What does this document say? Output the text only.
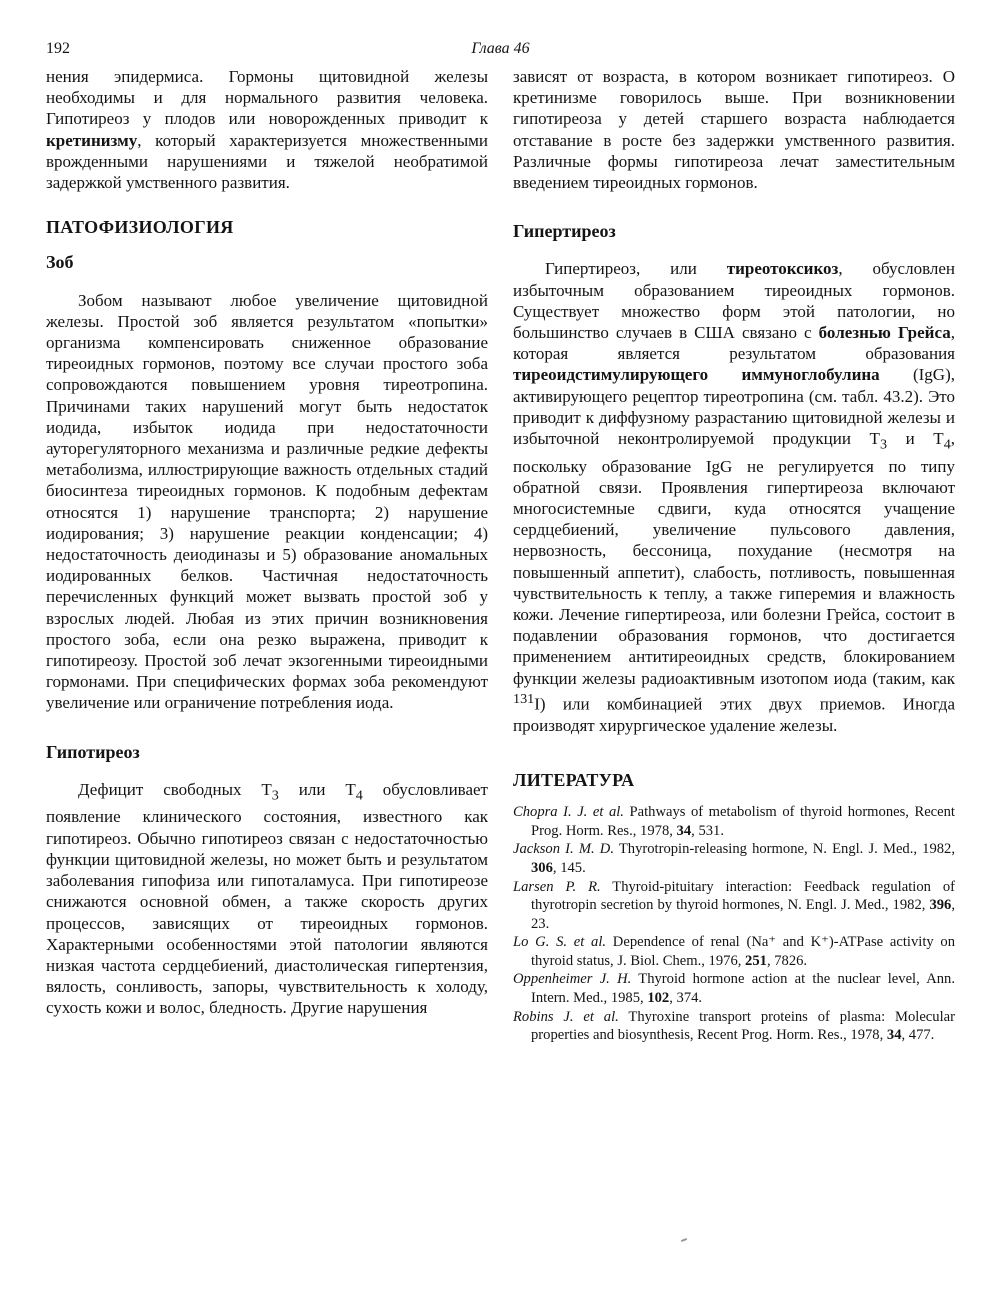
192	Глава 46

нения эпидермиса. Гормоны щитовидной железы необходимы и для нормального развития человека. Гипотиреоз у плодов или новорожденных приводит к кретинизму, который характеризуется множественными врожденными нарушениями и тяжелой необратимой задержкой умственного развития.

ПАТОФИЗИОЛОГИЯ
Зоб

Зобом называют любое увеличение щитовидной железы. Простой зоб является результатом «попытки» организма компенсировать сниженное образование тиреоидных гормонов, поэтому все случаи простого зоба сопровождаются повышением уровня тиреотропина. Причинами таких нарушений могут быть недостаток иодида, избыток иодида при недостаточности ауторегуляторного механизма и различные редкие дефекты метаболизма, иллюстрирующие важность отдельных стадий биосинтеза тиреоидных гормонов. К подобным дефектам относятся 1) нарушение транспорта; 2) нарушение иодирования; 3) нарушение реакции конденсации; 4) недостаточность деиодиназы и 5) образование аномальных иодированных белков. Частичная недостаточность перечисленных функций может вызвать простой зоб у взрослых людей. Любая из этих причин возникновения простого зоба, если она резко выражена, приводит к гипотиреозу. Простой зоб лечат экзогенными тиреоидными гормонами. При специфических формах зоба рекомендуют увеличение или ограничение потребления иода.

Гипотиреоз

Дефицит свободных $T_3$ или $T_4$ обусловливает появление клинического состояния, известного как гипотиреоз. Обычно гипотиреоз связан с недостаточностью функции щитовидной железы, но может быть и результатом заболевания гипофиза или гипоталамуса. При гипотиреозе снижаются основной обмен, а также скорость других процессов, зависящих от тиреоидных гормонов. Характерными особенностями этой патологии являются низкая частота сердцебиений, диастолическая гипертензия, вялость, сонливость, запоры, чувствительность к холоду, сухость кожи и волос, бледность. Другие нарушения

зависят от возраста, в котором возникает гипотиреоз. О кретинизме говорилось выше. При возникновении гипотиреоза у детей старшего возраста наблюдается отставание в росте без задержки умственного развития. Различные формы гипотиреоза лечат заместительным введением тиреоидных гормонов.

Гипертиреоз

Гипертиреоз, или тиреотоксикоз, обусловлен избыточным образованием тиреоидных гормонов. Существует множество форм этой патологии, но большинство случаев в США связано с болезнью Грейса, которая является результатом образования тиреоидстимулирующего иммуноглобулина (IgG), активирующего рецептор тиреотропина (см. табл. 43.2). Это приводит к диффузному разрастанию щитовидной железы и избыточной неконтролируемой продукции $T_3$ и $T_4$, поскольку образование IgG не регулируется по типу обратной связи. Проявления гипертиреоза включают многосистемные сдвиги, куда относятся учащение сердцебиений, увеличение пульсового давления, нервозность, бессоница, похудание (несмотря на повышенный аппетит), слабость, потливость, повышенная чувствительность к теплу, а также гиперемия и влажность кожи. Лечение гипертиреоза, или болезни Грейса, состоит в подавлении образования гормонов, что достигается применением антитиреоидных средств, блокированием функции железы радиоактивным изотопом иода (таким, как $^{131}$I) или комбинацией этих двух приемов. Иногда производят хирургическое удаление железы.

ЛИТЕРАТУРА

Chopra I. J. et al. Pathways of metabolism of thyroid hormones, Recent Prog. Horm. Res., 1978, 34, 531.

Jackson I. M. D. Thyrotropin-releasing hormone, N. Engl. J. Med., 1982, 306, 145.

Larsen P. R. Thyroid-pituitary interaction: Feedback regulation of thyrotropin secretion by thyroid hormones, N. Engl. J. Med., 1982, 396, 23.

Lo G. S. et al. Dependence of renal (Na⁺ and K⁺)-ATPase activity on thyroid status, J. Biol. Chem., 1976, 251, 7826.

Oppenheimer J. H. Thyroid hormone action at the nuclear level, Ann. Intern. Med., 1985, 102, 374.

Robins J. et al. Thyroxine transport proteins of plasma: Molecular properties and biosynthesis, Recent Prog. Horm. Res., 1978, 34, 477.
